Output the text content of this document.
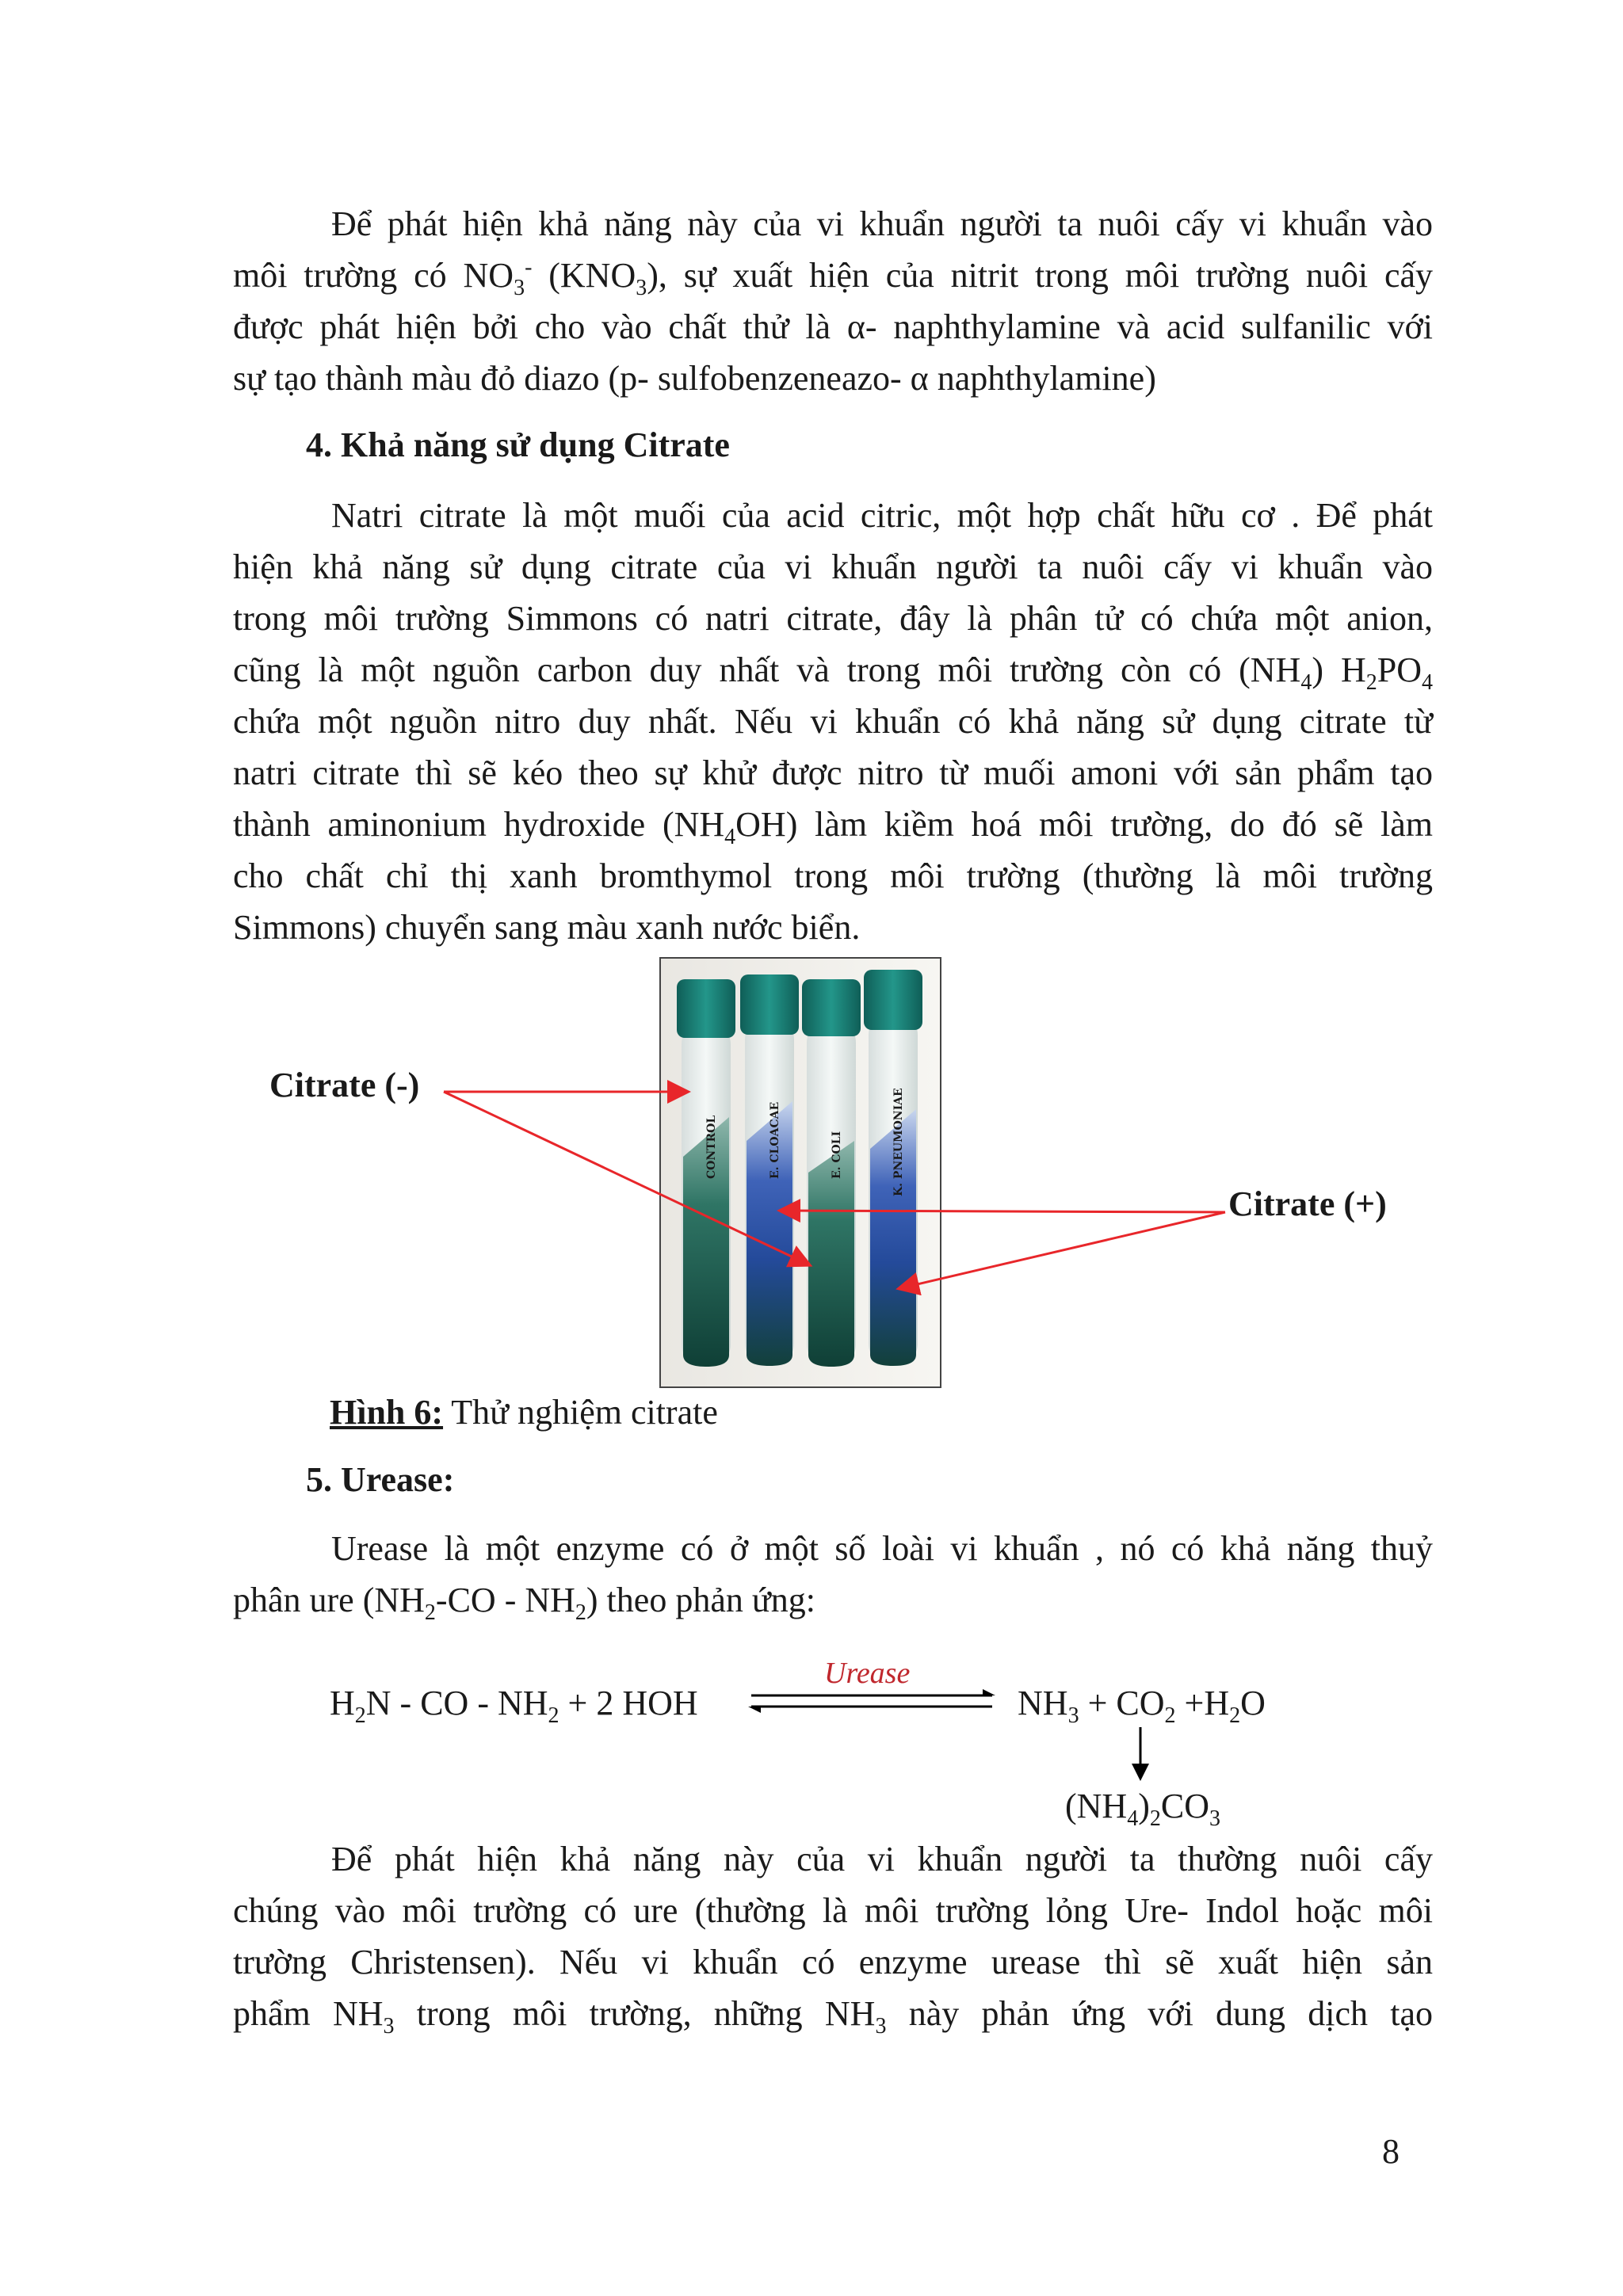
Để phát hiện khả năng này của vi khuẩn người ta nuôi cấy vi khuẩn vào
môi trường có $NO_3^-$ $(KNO_3)$, sự xuất hiện của nitrit trong môi trường nuôi cấy
được phát hiện bởi cho vào chất thử là α- naphthylamine và acid sulfanilic với
sự tạo thành màu đỏ diazo (p- sulfobenzeneazo- α naphthylamine)
4. Khả năng sử dụng Citrate
Natri citrate là một muối của acid citric, một hợp chất hữu cơ . Để phát
hiện khả năng sử dụng citrate của vi khuẩn người ta nuôi cấy vi khuẩn vào
trong môi trường Simmons có natri citrate, đây là phân tử có chứa một anion,
cũng là một nguồn carbon duy nhất và trong môi trường còn có $(NH_4)$ $H_2PO_4$
chứa một nguồn nitro duy nhất. Nếu vi khuẩn có khả năng sử dụng citrate từ
natri citrate thì sẽ kéo theo sự khử được nitro từ muối amoni với sản phẩm tạo
thành aminonium hydroxide $(NH_4OH)$ làm kiềm hoá môi trường, do đó sẽ làm
cho chất chỉ thị xanh bromthymol trong môi trường (thường là môi trường
Simmons) chuyển sang màu xanh nước biển.
CONTROL	E. CLOACAE	E. COLI	K. PNEUMONIAE
Citrate (-)
Citrate (+)
Hình 6: Thử nghiệm citrate
5. Urease:
Urease là một enzyme có ở một số loài vi khuẩn , nó có khả năng thuỷ
phân ure $(NH_2-CO - NH_2)$ theo phản ứng:
$H_2N$ - CO - $NH_2 + 2$ HOH
Urease
$NH_3 + CO_2 +H_2O$
$(NH_4)_2CO_3$
Để phát hiện khả năng này của vi khuẩn người ta thường nuôi cấy
chúng vào môi trường có ure (thường là môi trường lỏng Ure- Indol hoặc môi
trường Christensen). Nếu vi khuẩn có enzyme urease thì sẽ xuất hiện sản
phẩm $NH_3$ trong môi trường, những $NH_3$ này phản ứng với dung dịch tạo
8
